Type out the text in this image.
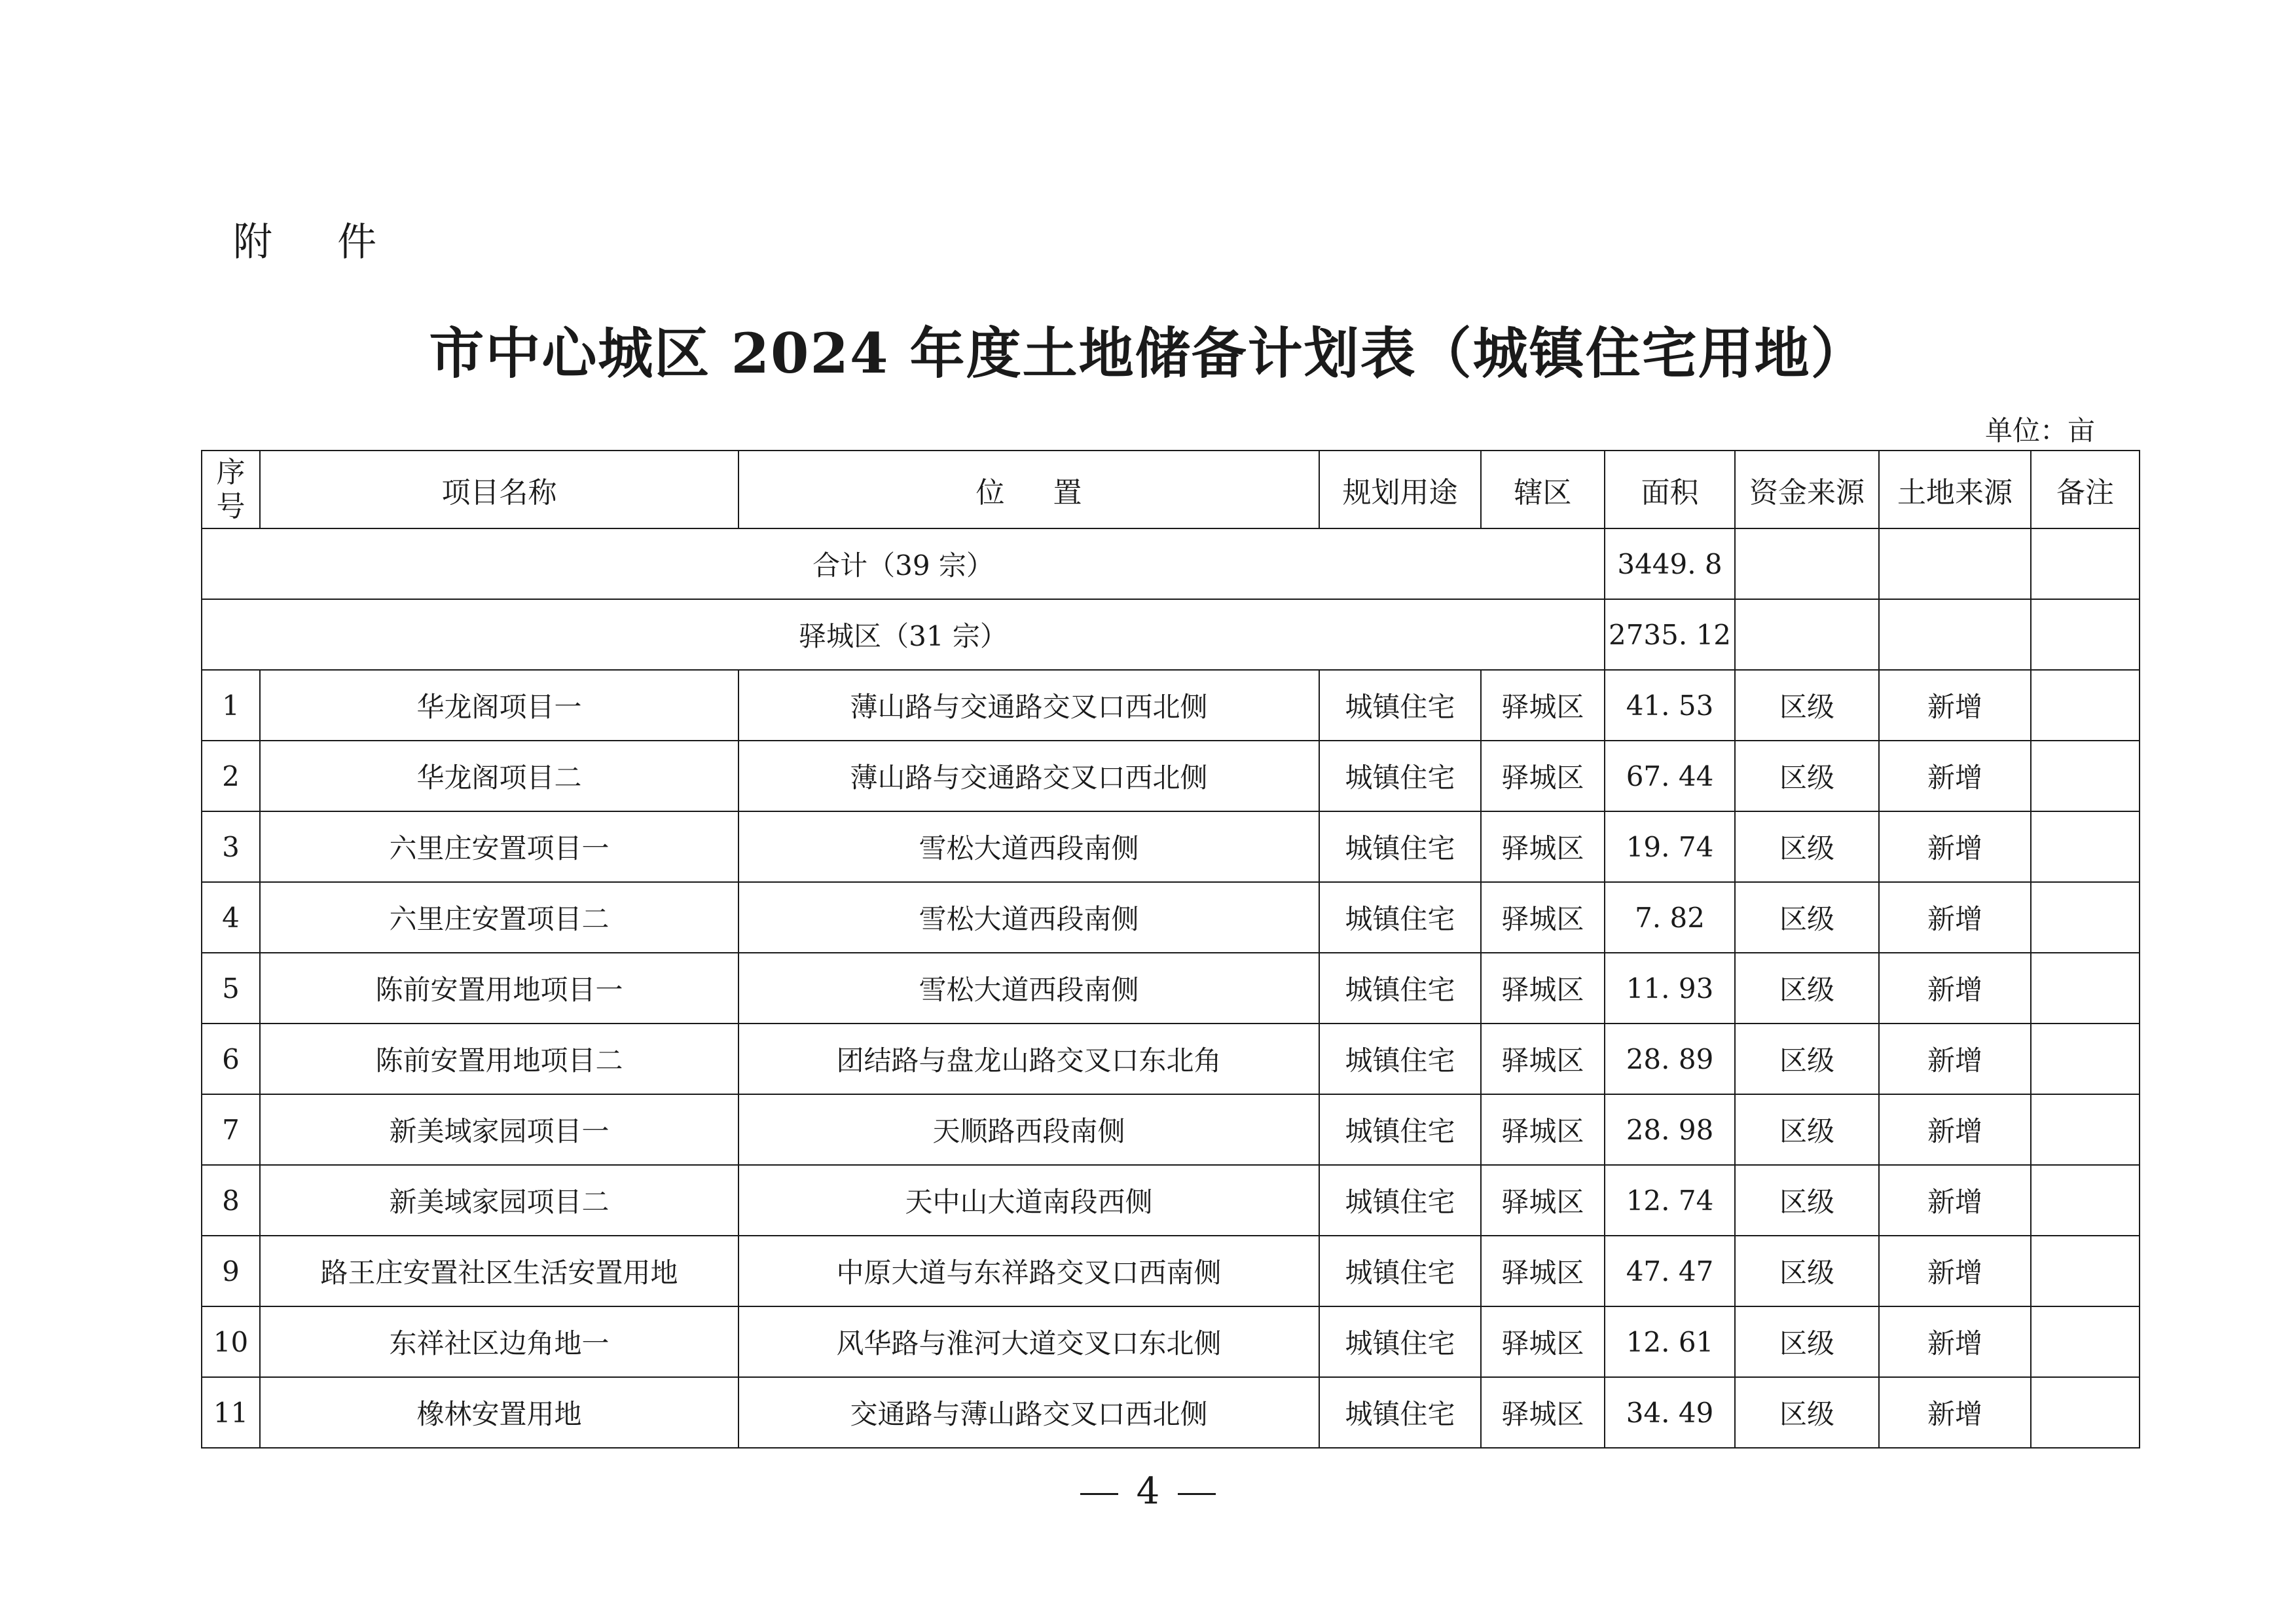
附 件
市中心城区 2024 年度土地储备计划表（城镇住宅用地）
单位：亩
序号	项目名称	位 置	规划用途	辖区	面积	资金来源	土地来源	备注
合计（39 宗）					3449. 8			
驿城区（31 宗）					2735. 12			
1	华龙阁项目一	薄山路与交通路交叉口西北侧	城镇住宅	驿城区	41. 53	区级	新增	
2	华龙阁项目二	薄山路与交通路交叉口西北侧	城镇住宅	驿城区	67. 44	区级	新增	
3	六里庄安置项目一	雪松大道西段南侧	城镇住宅	驿城区	19. 74	区级	新增	
4	六里庄安置项目二	雪松大道西段南侧	城镇住宅	驿城区	7. 82	区级	新增	
5	陈前安置用地项目一	雪松大道西段南侧	城镇住宅	驿城区	11. 93	区级	新增	
6	陈前安置用地项目二	团结路与盘龙山路交叉口东北角	城镇住宅	驿城区	28. 89	区级	新增	
7	新美域家园项目一	天顺路西段南侧	城镇住宅	驿城区	28. 98	区级	新增	
8	新美域家园项目二	天中山大道南段西侧	城镇住宅	驿城区	12. 74	区级	新增	
9	路王庄安置社区生活安置用地	中原大道与东祥路交叉口西南侧	城镇住宅	驿城区	47. 47	区级	新增	
10	东祥社区边角地一	风华路与淮河大道交叉口东北侧	城镇住宅	驿城区	12. 61	区级	新增	
11	橡林安置用地	交通路与薄山路交叉口西北侧	城镇住宅	驿城区	34. 49	区级	新增	
4
